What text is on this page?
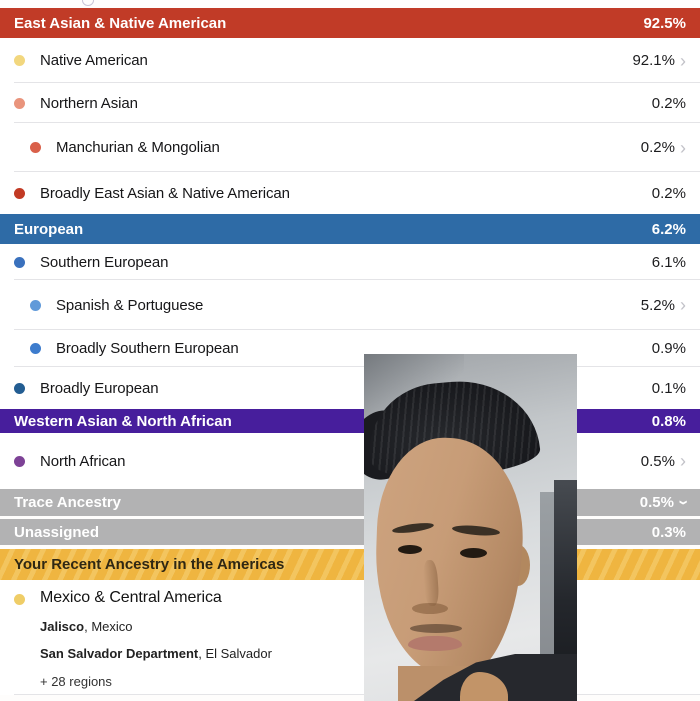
East Asian & Native American	92.5%
Native American	92.1% ›
Northern Asian	0.2%
Manchurian & Mongolian	0.2% ›
Broadly East Asian & Native American	0.2%
European	6.2%
Southern European	6.1%
Spanish & Portuguese	5.2% ›
Broadly Southern European	0.9%
Broadly European	0.1%
Western Asian & North African	0.8%
North African	0.5% ›
Trace Ancestry	0.5% ›
Unassigned	0.3%
Your Recent Ancestry in the Americas
Mexico & Central America
Jalisco, Mexico
San Salvador Department, El Salvador
+ 28 regions
